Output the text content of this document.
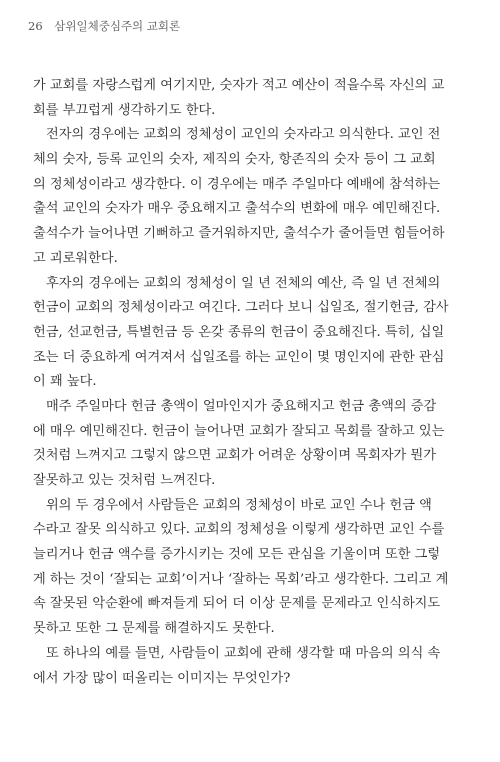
26 삼위일체중심주의 교회론
가 교회를 자랑스럽게 여기지만, 숫자가 적고 예산이 적을수록 자신의 교
회를 부끄럽게 생각하기도 한다.
전자의 경우에는 교회의 정체성이 교인의 숫자라고 의식한다. 교인 전
체의 숫자, 등록 교인의 숫자, 제직의 숫자, 항존직의 숫자 등이 그 교회
의 정체성이라고 생각한다. 이 경우에는 매주 주일마다 예배에 참석하는
출석 교인의 숫자가 매우 중요해지고 출석수의 변화에 매우 예민해진다.
출석수가 늘어나면 기뻐하고 즐거워하지만, 출석수가 줄어들면 힘들어하
고 괴로워한다.
후자의 경우에는 교회의 정체성이 일 년 전체의 예산, 즉 일 년 전체의
헌금이 교회의 정체성이라고 여긴다. 그러다 보니 십일조, 절기헌금, 감사
헌금, 선교헌금, 특별헌금 등 온갖 종류의 헌금이 중요해진다. 특히, 십일
조는 더 중요하게 여겨져서 십일조를 하는 교인이 몇 명인지에 관한 관심
이 꽤 높다.
매주 주일마다 헌금 총액이 얼마인지가 중요해지고 헌금 총액의 증감
에 매우 예민해진다. 헌금이 늘어나면 교회가 잘되고 목회를 잘하고 있는
것처럼 느껴지고 그렇지 않으면 교회가 어려운 상황이며 목회자가 뭔가
잘못하고 있는 것처럼 느껴진다.
위의 두 경우에서 사람들은 교회의 정체성이 바로 교인 수나 헌금 액
수라고 잘못 의식하고 있다. 교회의 정체성을 이렇게 생각하면 교인 수를
늘리거나 헌금 액수를 증가시키는 것에 모든 관심을 기울이며 또한 그렇
게 하는 것이 ‘잘되는 교회’이거나 ‘잘하는 목회’라고 생각한다. 그리고 계
속 잘못된 악순환에 빠져들게 되어 더 이상 문제를 문제라고 인식하지도
못하고 또한 그 문제를 해결하지도 못한다.
또 하나의 예를 들면, 사람들이 교회에 관해 생각할 때 마음의 의식 속
에서 가장 많이 떠올리는 이미지는 무엇인가?
